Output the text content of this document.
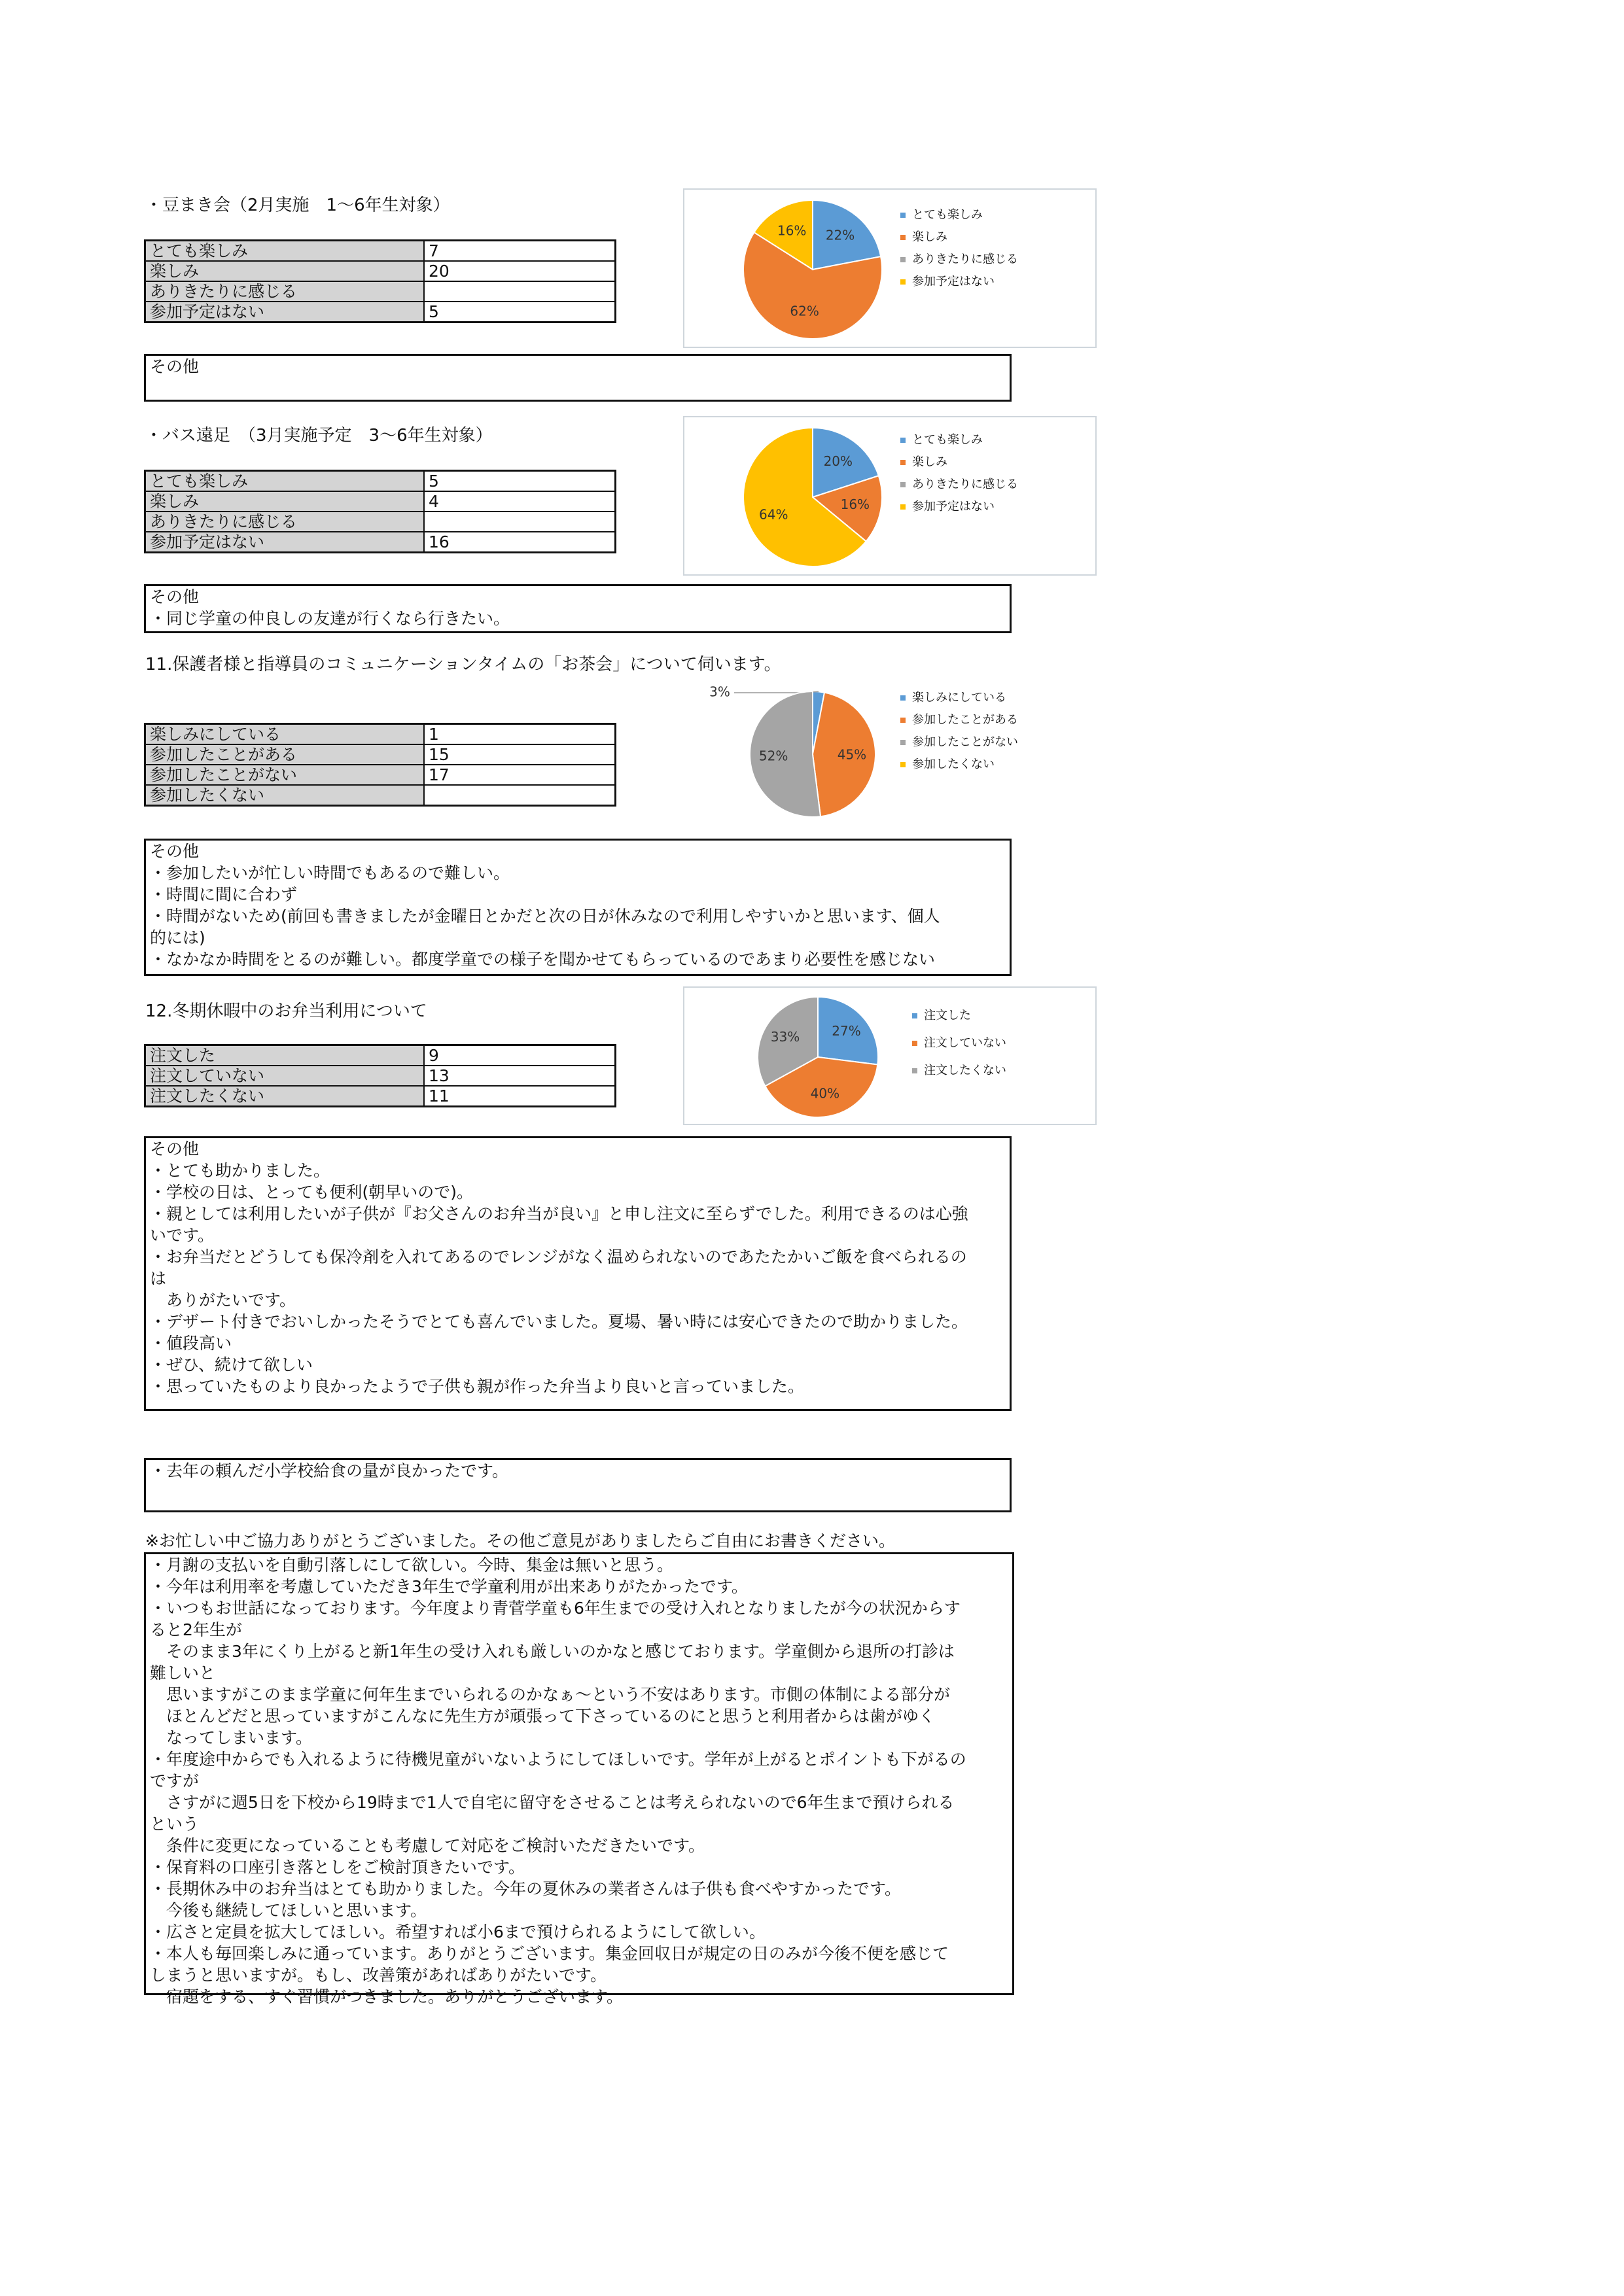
・豆まき会（2月実施　1～6年生対象）
とても楽しみ	7
楽しみ	20
ありきたりに感じる	
参加予定はない	5
その他
22%
62%
16%
とても楽しみ
楽しみ
ありきたりに感じる
参加予定はない
・バス遠足　（3月実施予定　3～6年生対象）
とても楽しみ	5
楽しみ	4
ありきたりに感じる	
参加予定はない	16
その他
・同じ学童の仲良しの友達が行くなら行きたい。
20%
16%
64%
とても楽しみ
楽しみ
ありきたりに感じる
参加予定はない
11.保護者様と指導員のコミュニケーションタイムの「お茶会」について伺います。
楽しみにしている	1
参加したことがある	15
参加したことがない	17
参加したくない	
その他
・参加したいが忙しい時間でもあるので難しい。
・時間に間に合わず
・時間がないため(前回も書きましたが金曜日とかだと次の日が休みなので利用しやすいかと思います、個人
的には)
・なかなか時間をとるのが難しい。都度学童での様子を聞かせてもらっているのであまり必要性を感じない
3%
45%
52%
楽しみにしている
参加したことがある
参加したことがない
参加したくない
12.冬期休暇中のお弁当利用について
注文した	9
注文していない	13
注文したくない	11
その他
・とても助かりました。
・学校の日は、とっても便利(朝早いので)。
・親としては利用したいが子供が『お父さんのお弁当が良い』と申し注文に至らずでした。利用できるのは心強
いです。
・お弁当だとどうしても保冷剤を入れてあるのでレンジがなく温められないのであたたかいご飯を食べられるの
は
　ありがたいです。
・デザート付きでおいしかったそうでとても喜んでいました。夏場、暑い時には安心できたので助かりました。
・値段高い
・ぜひ、続けて欲しい
・思っていたものより良かったようで子供も親が作った弁当より良いと言っていました。
27%
40%
33%
注文した
注文していない
注文したくない
・去年の頼んだ小学校給食の量が良かったです。
※お忙しい中ご協力ありがとうございました。その他ご意見がありましたらご自由にお書きください。
・月謝の支払いを自動引落しにして欲しい。今時、集金は無いと思う。
・今年は利用率を考慮していただき3年生で学童利用が出来ありがたかったです。
・いつもお世話になっております。今年度より青菅学童も6年生までの受け入れとなりましたが今の状況からす
ると2年生が
　そのまま3年にくり上がると新1年生の受け入れも厳しいのかなと感じております。学童側から退所の打診は
難しいと
　思いますがこのまま学童に何年生までいられるのかなぁ～という不安はあります。市側の体制による部分が
　ほとんどだと思っていますがこんなに先生方が頑張って下さっているのにと思うと利用者からは歯がゆく
　なってしまいます。
・年度途中からでも入れるように待機児童がいないようにしてほしいです。学年が上がるとポイントも下がるの
ですが
　さすがに週5日を下校から19時まで1人で自宅に留守をさせることは考えられないので6年生まで預けられる
という
　条件に変更になっていることも考慮して対応をご検討いただきたいです。
・保育料の口座引き落としをご検討頂きたいです。
・長期休み中のお弁当はとても助かりました。今年の夏休みの業者さんは子供も食べやすかったです。
　今後も継続してほしいと思います。
・広さと定員を拡大してほしい。希望すれば小6まで預けられるようにして欲しい。
・本人も毎回楽しみに通っています。ありがとうございます。集金回収日が規定の日のみが今後不便を感じて
しまうと思いますが。もし、改善策があればありがたいです。
　宿題をする、すぐ習慣がつきました。ありがとうございます。
